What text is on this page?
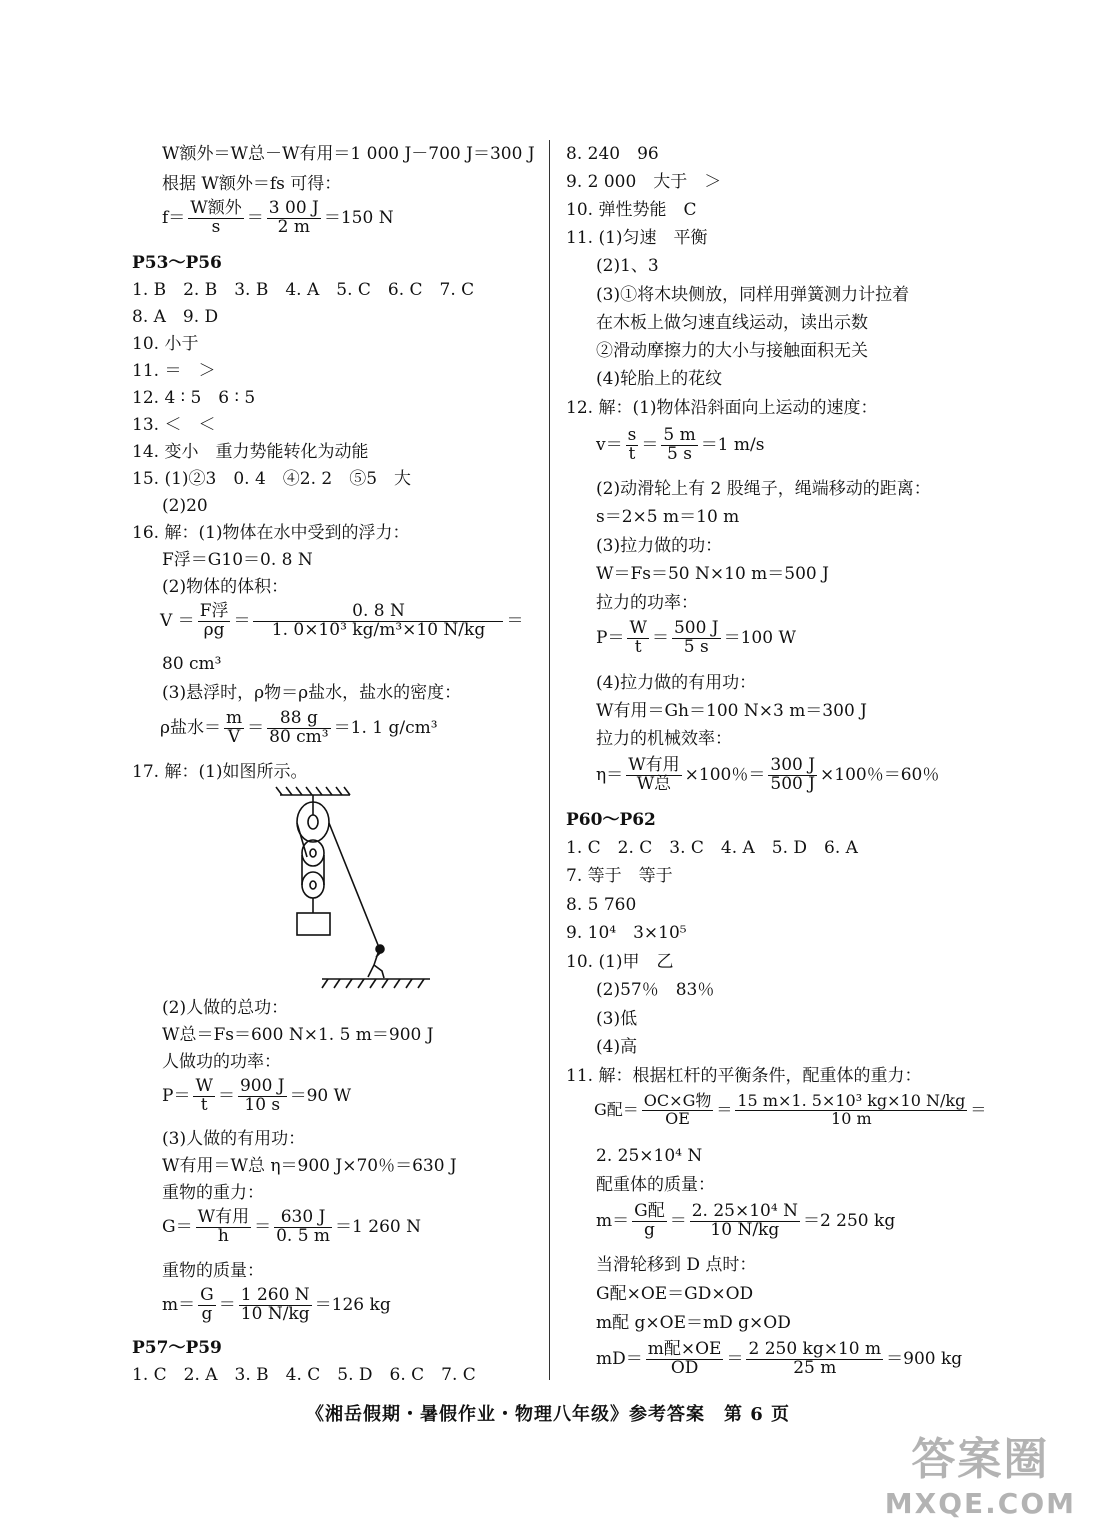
W额外＝W总－W有用＝1 000 J－700 J＝300 J
根据 W额外＝fs 可得：
f＝ W额外
s	＝ $\frac{3 00 J}{2 m} =150$ N
P53～P56
1. B　2. B　3. B　4. A　5. C　6. C　7. C
8. A　9. D
10. 小于
11. ＝　＞
12. 4 ∶ 5　6 ∶ 5
13. ＜　＜
14. 变小　重力势能转化为动能
15. (1)②3　0. 4　④2. 2　⑤5　大
(2)20
16. 解：(1)物体在水中受到的浮力：
F浮＝G10＝0. 8 N
(2)物体的体积：
V ＝ F浮
$\rho g = \frac{0. 8 N}{\text{1. 0×10³ kg/m³×10 N/kg}}$ ＝
80 cm³
(3)悬浮时，ρ物＝ρ盐水，盐水的密度：
ρ盐水＝ $\frac{m}{V} = \frac{88 g}{\text{80 cm³}} =1$. 1 g/cm³
17. 解：(1)如图所示。
(2)人做的总功：
W总＝Fs＝600 N×1. 5 m＝900 J
人做功的功率：
$P= \frac{W}{t} = \frac{900 J}{10 s} =90$ W
(3)人做的有用功：
W有用＝W总 η＝900 J×70％＝630 J
重物的重力：
G＝ W有用
h	＝ $\frac{630 J}{0. 5 m} =1$ 260 N
重物的质量：
$m= \frac{G}{g} = \frac{1 260 N}{10 N/kg} =126$ kg
P57～P59
1. C　2. A　3. B　4. C　5. D　6. C　7. C
8. 240　96
9. 2 000　大于　＞
10. 弹性势能　C
11. (1)匀速　平衡
(2)1、3
(3)①将木块侧放，同样用弹簧测力计拉着
在木板上做匀速直线运动，读出示数
②滑动摩擦力的大小与接触面积无关
(4)轮胎上的花纹
12. 解：(1)物体沿斜面向上运动的速度：
$v= \frac{s}{t} = \frac{5 m}{5 s} =1$ m/s
(2)动滑轮上有 2 股绳子，绳端移动的距离：
s＝2×5 m＝10 m
(3)拉力做的功：
W＝Fs＝50 N×10 m＝500 J
拉力的功率：
$P= \frac{W}{t} = \frac{500 J}{5 s} =100$ W
(4)拉力做的有用功：
W有用＝Gh＝100 N×3 m＝300 J
拉力的机械效率：
η＝ W有用
W总 ×100％＝ $\frac{300 J}{500 J} \times 100$％＝60％
P60～P62
1. C　2. C　3. C　4. A　5. D　6. A
7. 等于　等于
8. 5 760
9. 10⁴　3×10⁵
10. (1)甲　乙
(2)57％　83％
(3)低
(4)高
11. 解：根据杠杆的平衡条件，配重体的重力：
G配＝ OC×G物
OE	＝ $\frac{\text{15 m×1. 5×10³ kg×10 N/kg}}{10 m}$ ＝
2. 25×10⁴ N
配重体的质量：
m＝ G配
$g = \frac{\text{2. 25×10⁴ N}}{10 N/kg} =2$ 250 kg
当滑轮移到 D 点时：
G配×OE＝GD×OD
m配 g×OE＝mD g×OD
mD＝ m配×OE
OD	＝ $\frac{2 250 kg\times 10 m}{25 m} =900$ kg
《湘岳假期・暑假作业・物理八年级》参考答案　第 6 页
答案圈
MXQE.COM
